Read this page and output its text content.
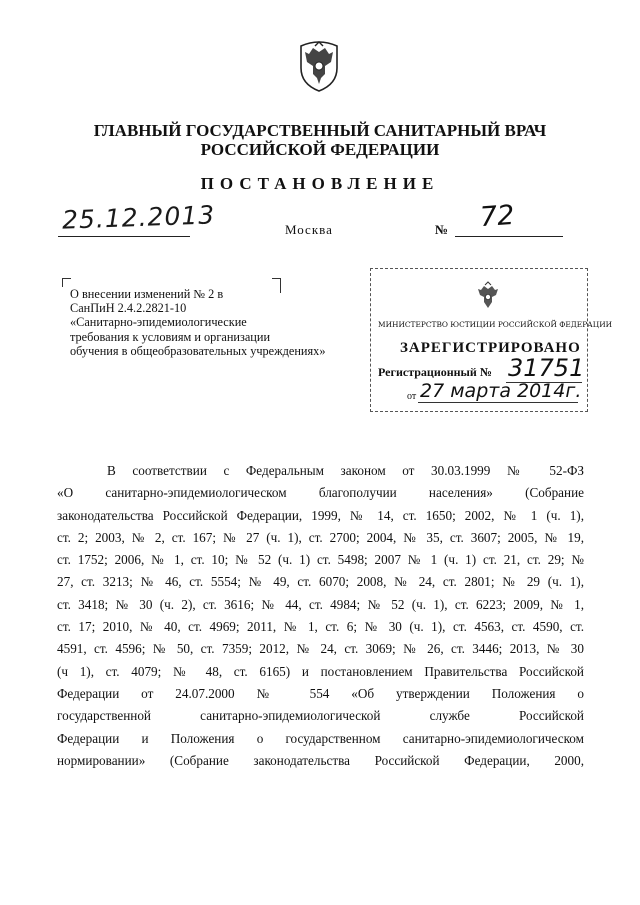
ГЛАВНЫЙ ГОСУДАРСТВЕННЫЙ САНИТАРНЫЙ ВРАЧ
РОССИЙСКОЙ ФЕДЕРАЦИИ
ПОСТАНОВЛЕНИЕ
25.12.2013	Москва	№ 72
О внесении изменений № 2 в
СанПиН 2.4.2.2821-10
«Санитарно-эпидемиологические
требования к условиям и организации
обучения в общеобразовательных учреждениях»
МИНИСТЕРСТВО ЮСТИЦИИ РОССИЙСКОЙ ФЕДЕРАЦИИ
ЗАРЕГИСТРИРОВАНО
Регистрационный № 31751
от 27 марта 2014г.
В соответствии с Федеральным законом от 30.03.1999 № 52-ФЗ
«О санитарно-эпидемиологическом благополучии населения» (Собрание
законодательства Российской Федерации, 1999, № 14, ст. 1650; 2002, № 1 (ч. 1),
ст. 2; 2003, № 2, ст. 167; № 27 (ч. 1), ст. 2700; 2004, № 35, ст. 3607; 2005, № 19,
ст. 1752; 2006, № 1, ст. 10; № 52 (ч. 1) ст. 5498; 2007 № 1 (ч. 1) ст. 21, ст. 29; №
27, ст. 3213; № 46, ст. 5554; № 49, ст. 6070; 2008, № 24, ст. 2801; № 29 (ч. 1),
ст. 3418; № 30 (ч. 2), ст. 3616; № 44, ст. 4984; № 52 (ч. 1), ст. 6223; 2009, № 1,
ст. 17; 2010, № 40, ст. 4969; 2011, № 1, ст. 6; № 30 (ч. 1), ст. 4563, ст. 4590, ст.
4591, ст. 4596; № 50, ст. 7359; 2012, № 24, ст. 3069; № 26, ст. 3446; 2013, № 30
(ч 1), ст. 4079; № 48, ст. 6165) и постановлением Правительства Российской
Федерации от 24.07.2000 № 554 «Об утверждении Положения о
государственной санитарно-эпидемиологической службе Российской
Федерации и Положения о государственном санитарно-эпидемиологическом
нормировании» (Собрание законодательства Российской Федерации, 2000,
